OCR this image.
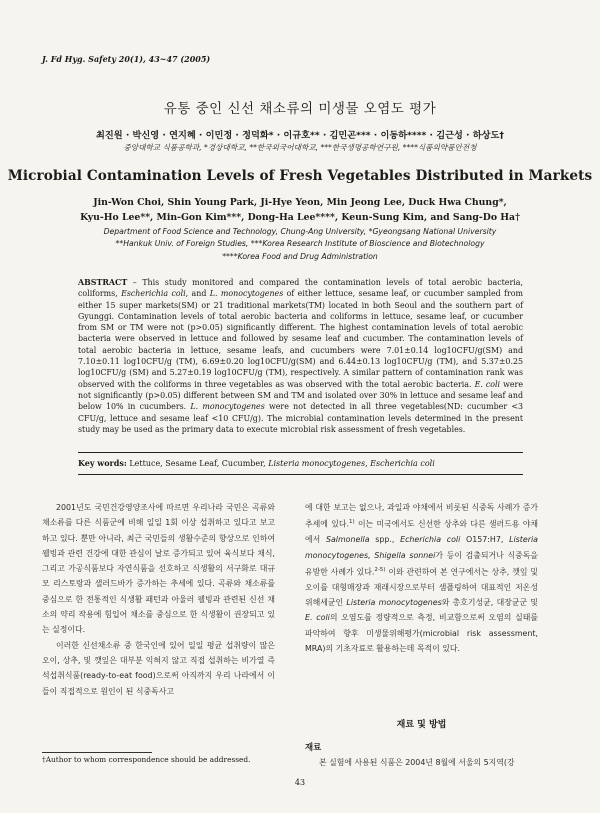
J. Fd Hyg. Safety 20(1), 43~47 (2005)
유통 중인 신선 채소류의 미생물 오염도 평가
최진원 · 박신영 · 연지혜 · 이민정 · 정덕화* · 이규호** · 김민곤*** · 이동하**** · 김근성 · 하상도†
중앙대학교 식품공학과, *경상대학교, **한국외국어대학교, ***한국생명공학연구원, ****식품의약품안전청
Microbial Contamination Levels of Fresh Vegetables Distributed in Markets
Jin-Won Choi, Shin Young Park, Ji-Hye Yeon, Min Jeong Lee, Duck Hwa Chung*,
Kyu-Ho Lee**, Min-Gon Kim***, Dong-Ha Lee****, Keun-Sung Kim, and Sang-Do Ha†
Department of Food Science and Technology, Chung-Ang University, *Gyeongsang National University
**Hankuk Univ. of Foreign Studies, ***Korea Research Institute of Bioscience and Biotechnology
****Korea Food and Drug Administration
ABSTRACT – This study monitored and compared the contamination levels of total aerobic bacteria, coliforms, Escherichia coli, and L. monocytogenes of either lettuce, sesame leaf, or cucumber sampled from either 15 super markets(SM) or 21 traditional markets(TM) located in both Seoul and the southern part of Gyunggi. Contamination levels of total aerobic bacteria and coliforms in lettuce, sesame leaf, or cucumber from SM or TM were not (p>0.05) significantly different. The highest contamination levels of total aerobic bacteria were observed in lettuce and followed by sesame leaf and cucumber. The contamination levels of total aerobic bacteria in lettuce, sesame leafs, and cucumbers were 7.01±0.14 log10CFU/g(SM) and 7.10±0.11 log10CFU/g (TM), 6.69±0.20 log10CFU/g(SM) and 6.44±0.13 log10CFU/g (TM), and 5.37±0.25 log10CFU/g (SM) and 5.27±0.19 log10CFU/g (TM), respectively. A similar pattern of contamination rank was observed with the coliforms in three vegetables as was observed with the total aerobic bacteria. E. coli were not significantly (p>0.05) different between SM and TM and isolated over 30% in lettuce and sesame leaf and below 10% in cucumbers. L. monocytogenes were not detected in all three vegetables(ND: cucumber <3 CFU/g, lettuce and sesame leaf <10 CFU/g). The microbial contamination levels determined in the present study may be used as the primary data to execute microbial risk assessment of fresh vegetables.
Key words: Lettuce, Sesame Leaf, Cucumber, Listeria monocytogenes, Escherichia coli

2001년도 국민건강영양조사에 따르면 우리나라 국민은 곡류와 채소류를 다른 식품군에 비해 일일 1회 이상 섭취하고 있다고 보고하고 있다. 뿐만 아니라, 최근 국민들의 생활수준의 향상으로 인하여 웰빙과 관련 건강에 대한 관심이 날로 증가되고 있어 육식보다 채식, 그리고 가공식품보다 자연식품을 선호하고 식생활의 서구화로 대규모 리스토랑과 샐러드바가 증가하는 추세에 있다. 곡류와 채소류를 중심으로 한 전통적인 식생활 패턴과 아울러 웰빙과 관련된 신선 채소의 약리 작용에 힘입어 채소를 중심으로 한 식생활이 권장되고 있는 실정이다.

이러한 신선채소류 중 한국인에 있어 일일 평균 섭취량이 많은 오이, 상추, 및 깻잎은 대부분 익혀지 않고 직접 섭취하는 비가열 즉석섭취식품(ready-to-eat food)으로써 아직까지 우리 나라에서 이들이 직접적으로 원인이 된 식중독사고

에 대한 보고는 없으나, 과일과 야채에서 비롯된 식중독 사례가 증가 추세에 있다.$^{1)}$ 이는 미국에서도 신선한 상추와 다른 샐러드용 야채에서 Salmonella spp., Echerichia coli O157:H7, Listeria monocytogenes, Shigella sonnei가 등이 검출되거나 식중독을 유발한 사례가 있다.$^{2-5)}$ 이와 관련하여 본 연구에서는 상추, 깻잎 및 오이를 대형매장과 재래시장으로부터 샘플링하여 대표적인 저온성 위해세균인 Listeria monocytogenes와 총호기성균, 대장균군 및 E. coli의 오염도를 정량적으로 측정, 비교함으로써 오염의 실태를 파악하여 향후 미생물위해평가(microbial risk assessment, MRA)의 기초자료로 활용하는데 목적이 있다.

재료 및 방법
재료

본 실험에 사용된 식품은 2004년 8월에 서울의 5지역(강

†Author to whom correspondence should be addressed.
43
